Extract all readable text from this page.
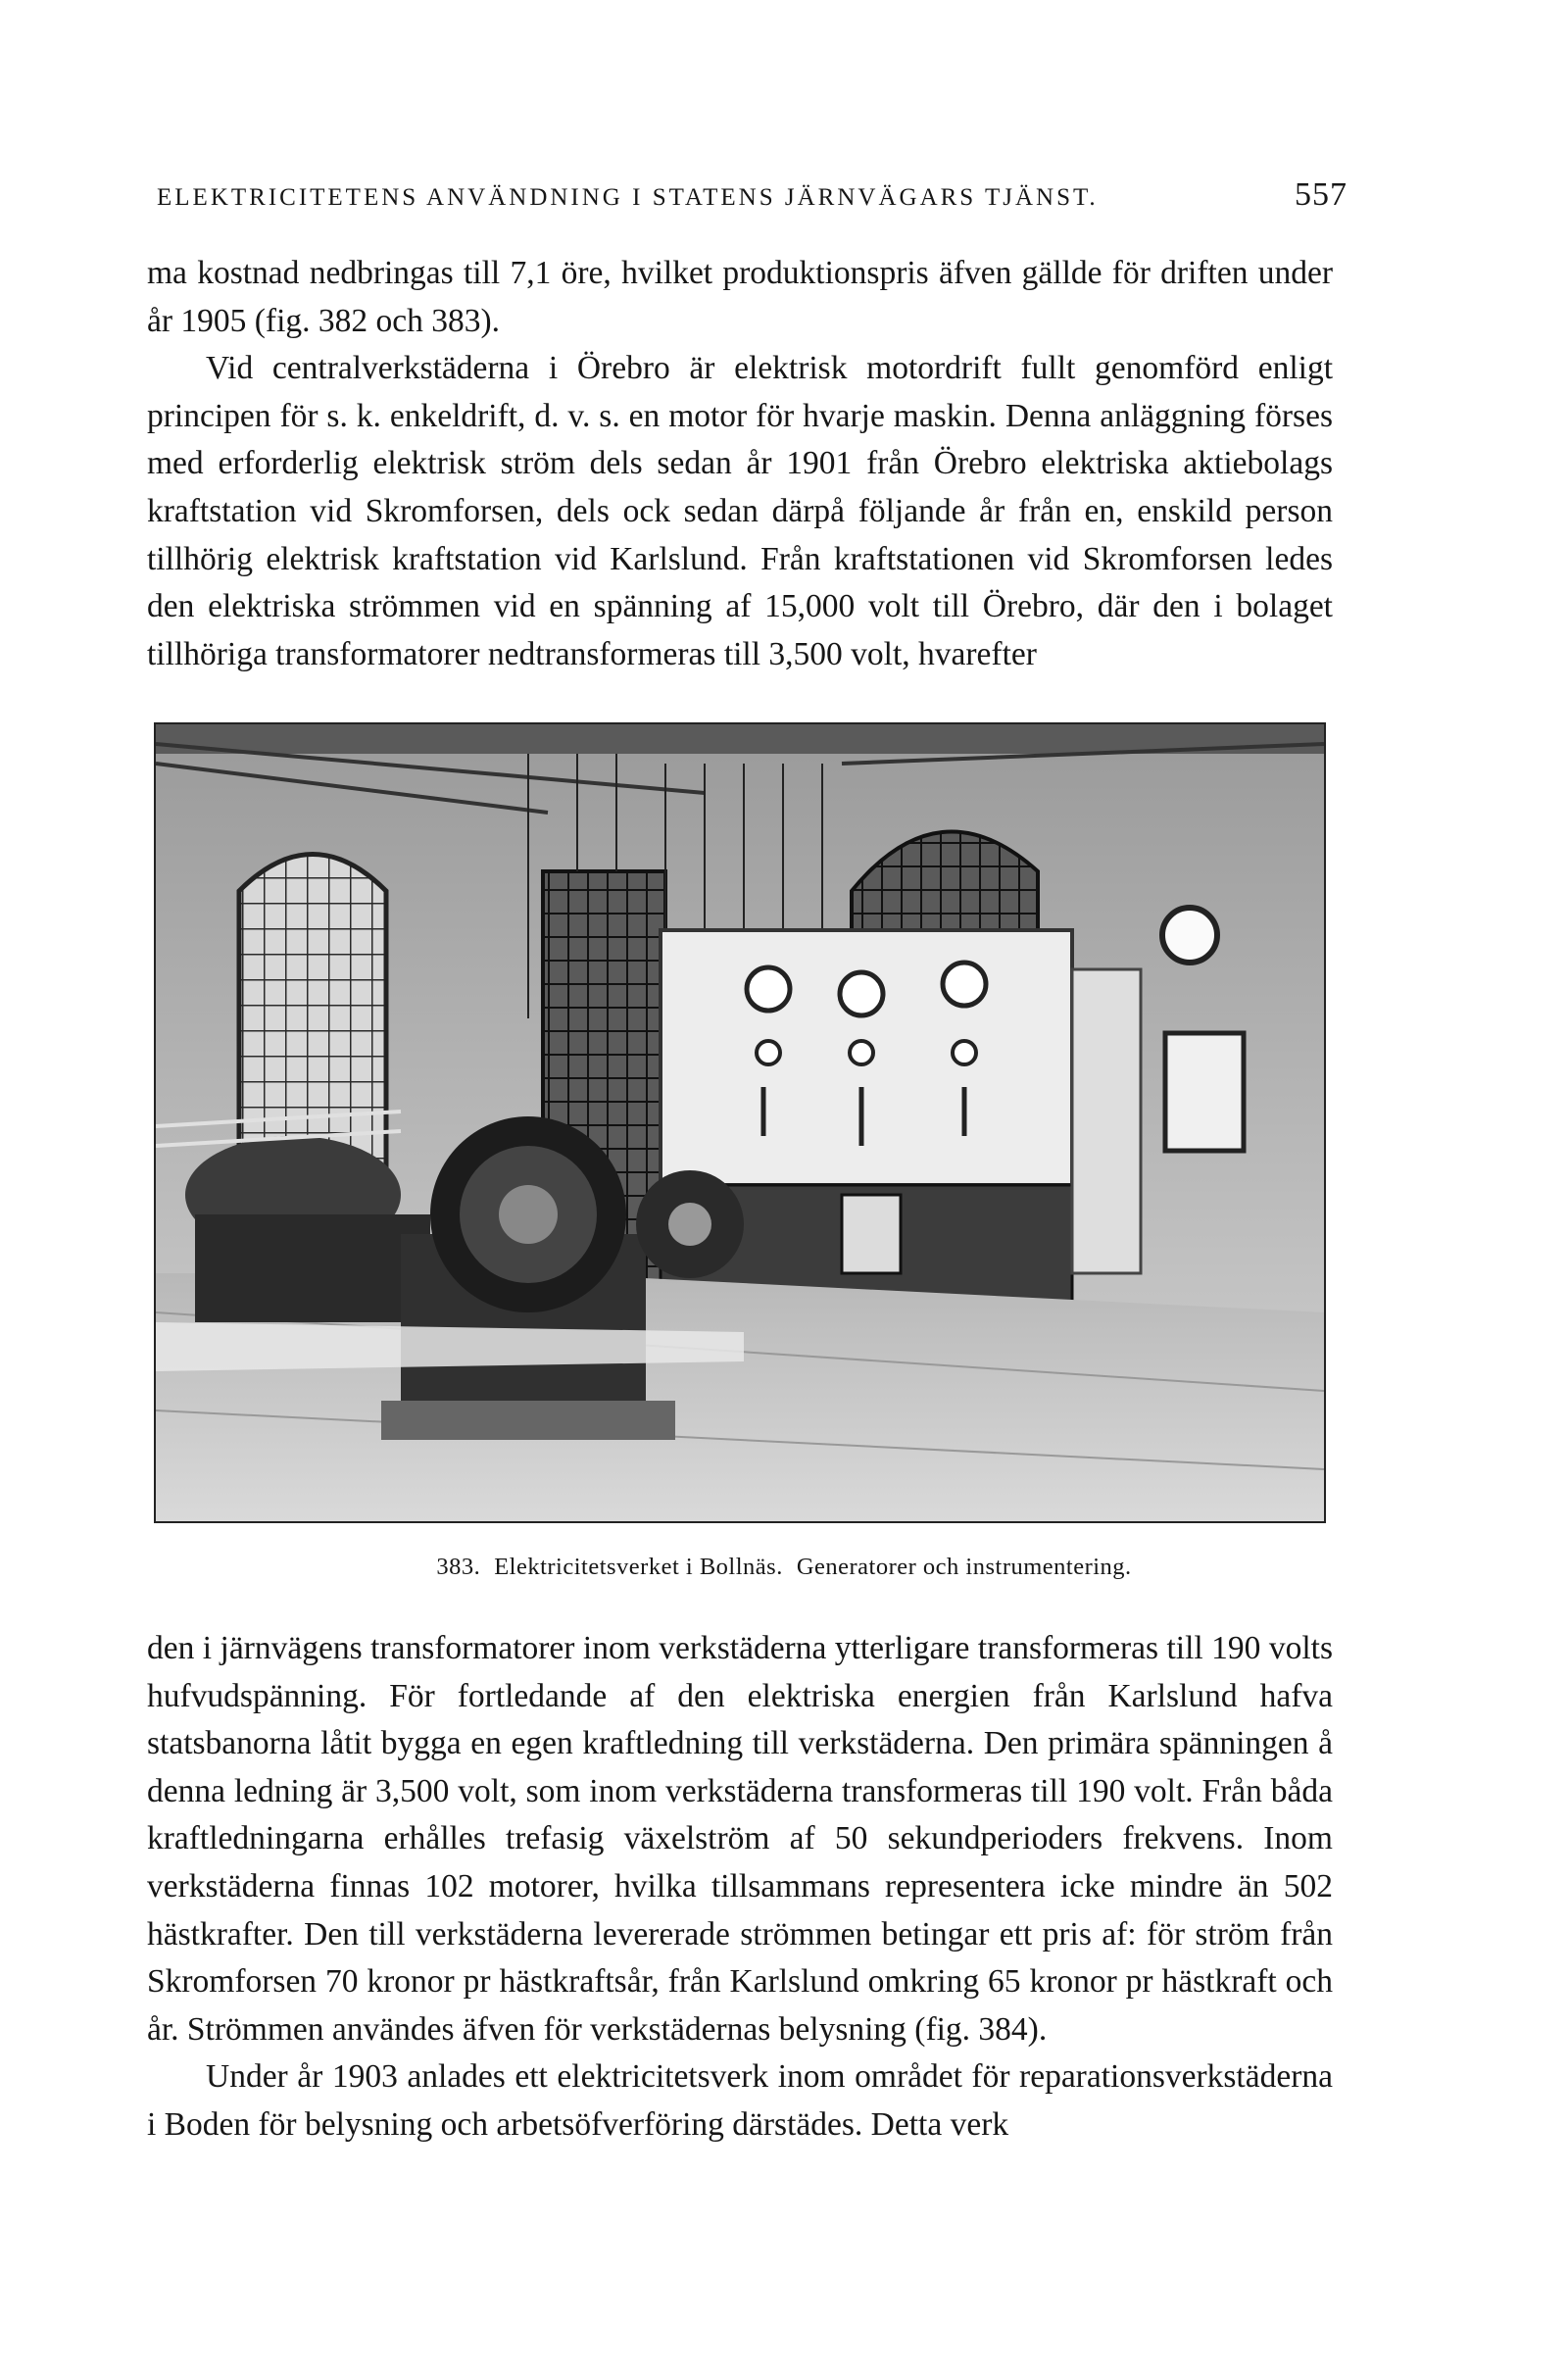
ELEKTRICITETENS ANVÄNDNING I STATENS JÄRNVÄGARS TJÄNST.	557

ma kostnad nedbringas till 7,1 öre, hvilket produktionspris äfven gällde för driften under år 1905 (fig. 382 och 383).

Vid centralverkstäderna i Örebro är elektrisk motordrift fullt genomförd enligt principen för s. k. enkeldrift, d. v. s. en motor för hvarje maskin. Denna anläggning förses med erforderlig elektrisk ström dels sedan år 1901 från Örebro elektriska aktiebolags kraftstation vid Skromforsen, dels ock sedan därpå följande år från en, enskild person tillhörig elektrisk kraftstation vid Karlslund. Från kraftstationen vid Skromforsen ledes den elektriska strömmen vid en spänning af 15,000 volt till Örebro, där den i bolaget tillhöriga transformatorer nedtransformeras till 3,500 volt, hvarefter

383. Elektricitetsverket i Bollnäs. Generatorer och instrumentering.

den i järnvägens transformatorer inom verkstäderna ytterligare transformeras till 190 volts hufvudspänning. För fortledande af den elektriska energien från Karlslund hafva statsbanorna låtit bygga en egen kraftledning till verkstäderna. Den primära spänningen å denna ledning är 3,500 volt, som inom verkstäderna transformeras till 190 volt. Från båda kraftledningarna erhålles trefasig växelström af 50 sekundperioders frekvens. Inom verkstäderna finnas 102 motorer, hvilka tillsammans representera icke mindre än 502 hästkrafter. Den till verkstäderna levererade strömmen betingar ett pris af: för ström från Skromforsen 70 kronor pr hästkraftsår, från Karlslund omkring 65 kronor pr hästkraft och år. Strömmen användes äfven för verkstädernas belysning (fig. 384).

Under år 1903 anlades ett elektricitetsverk inom området för reparationsverkstäderna i Boden för belysning och arbetsöfverföring därstädes. Detta verk
